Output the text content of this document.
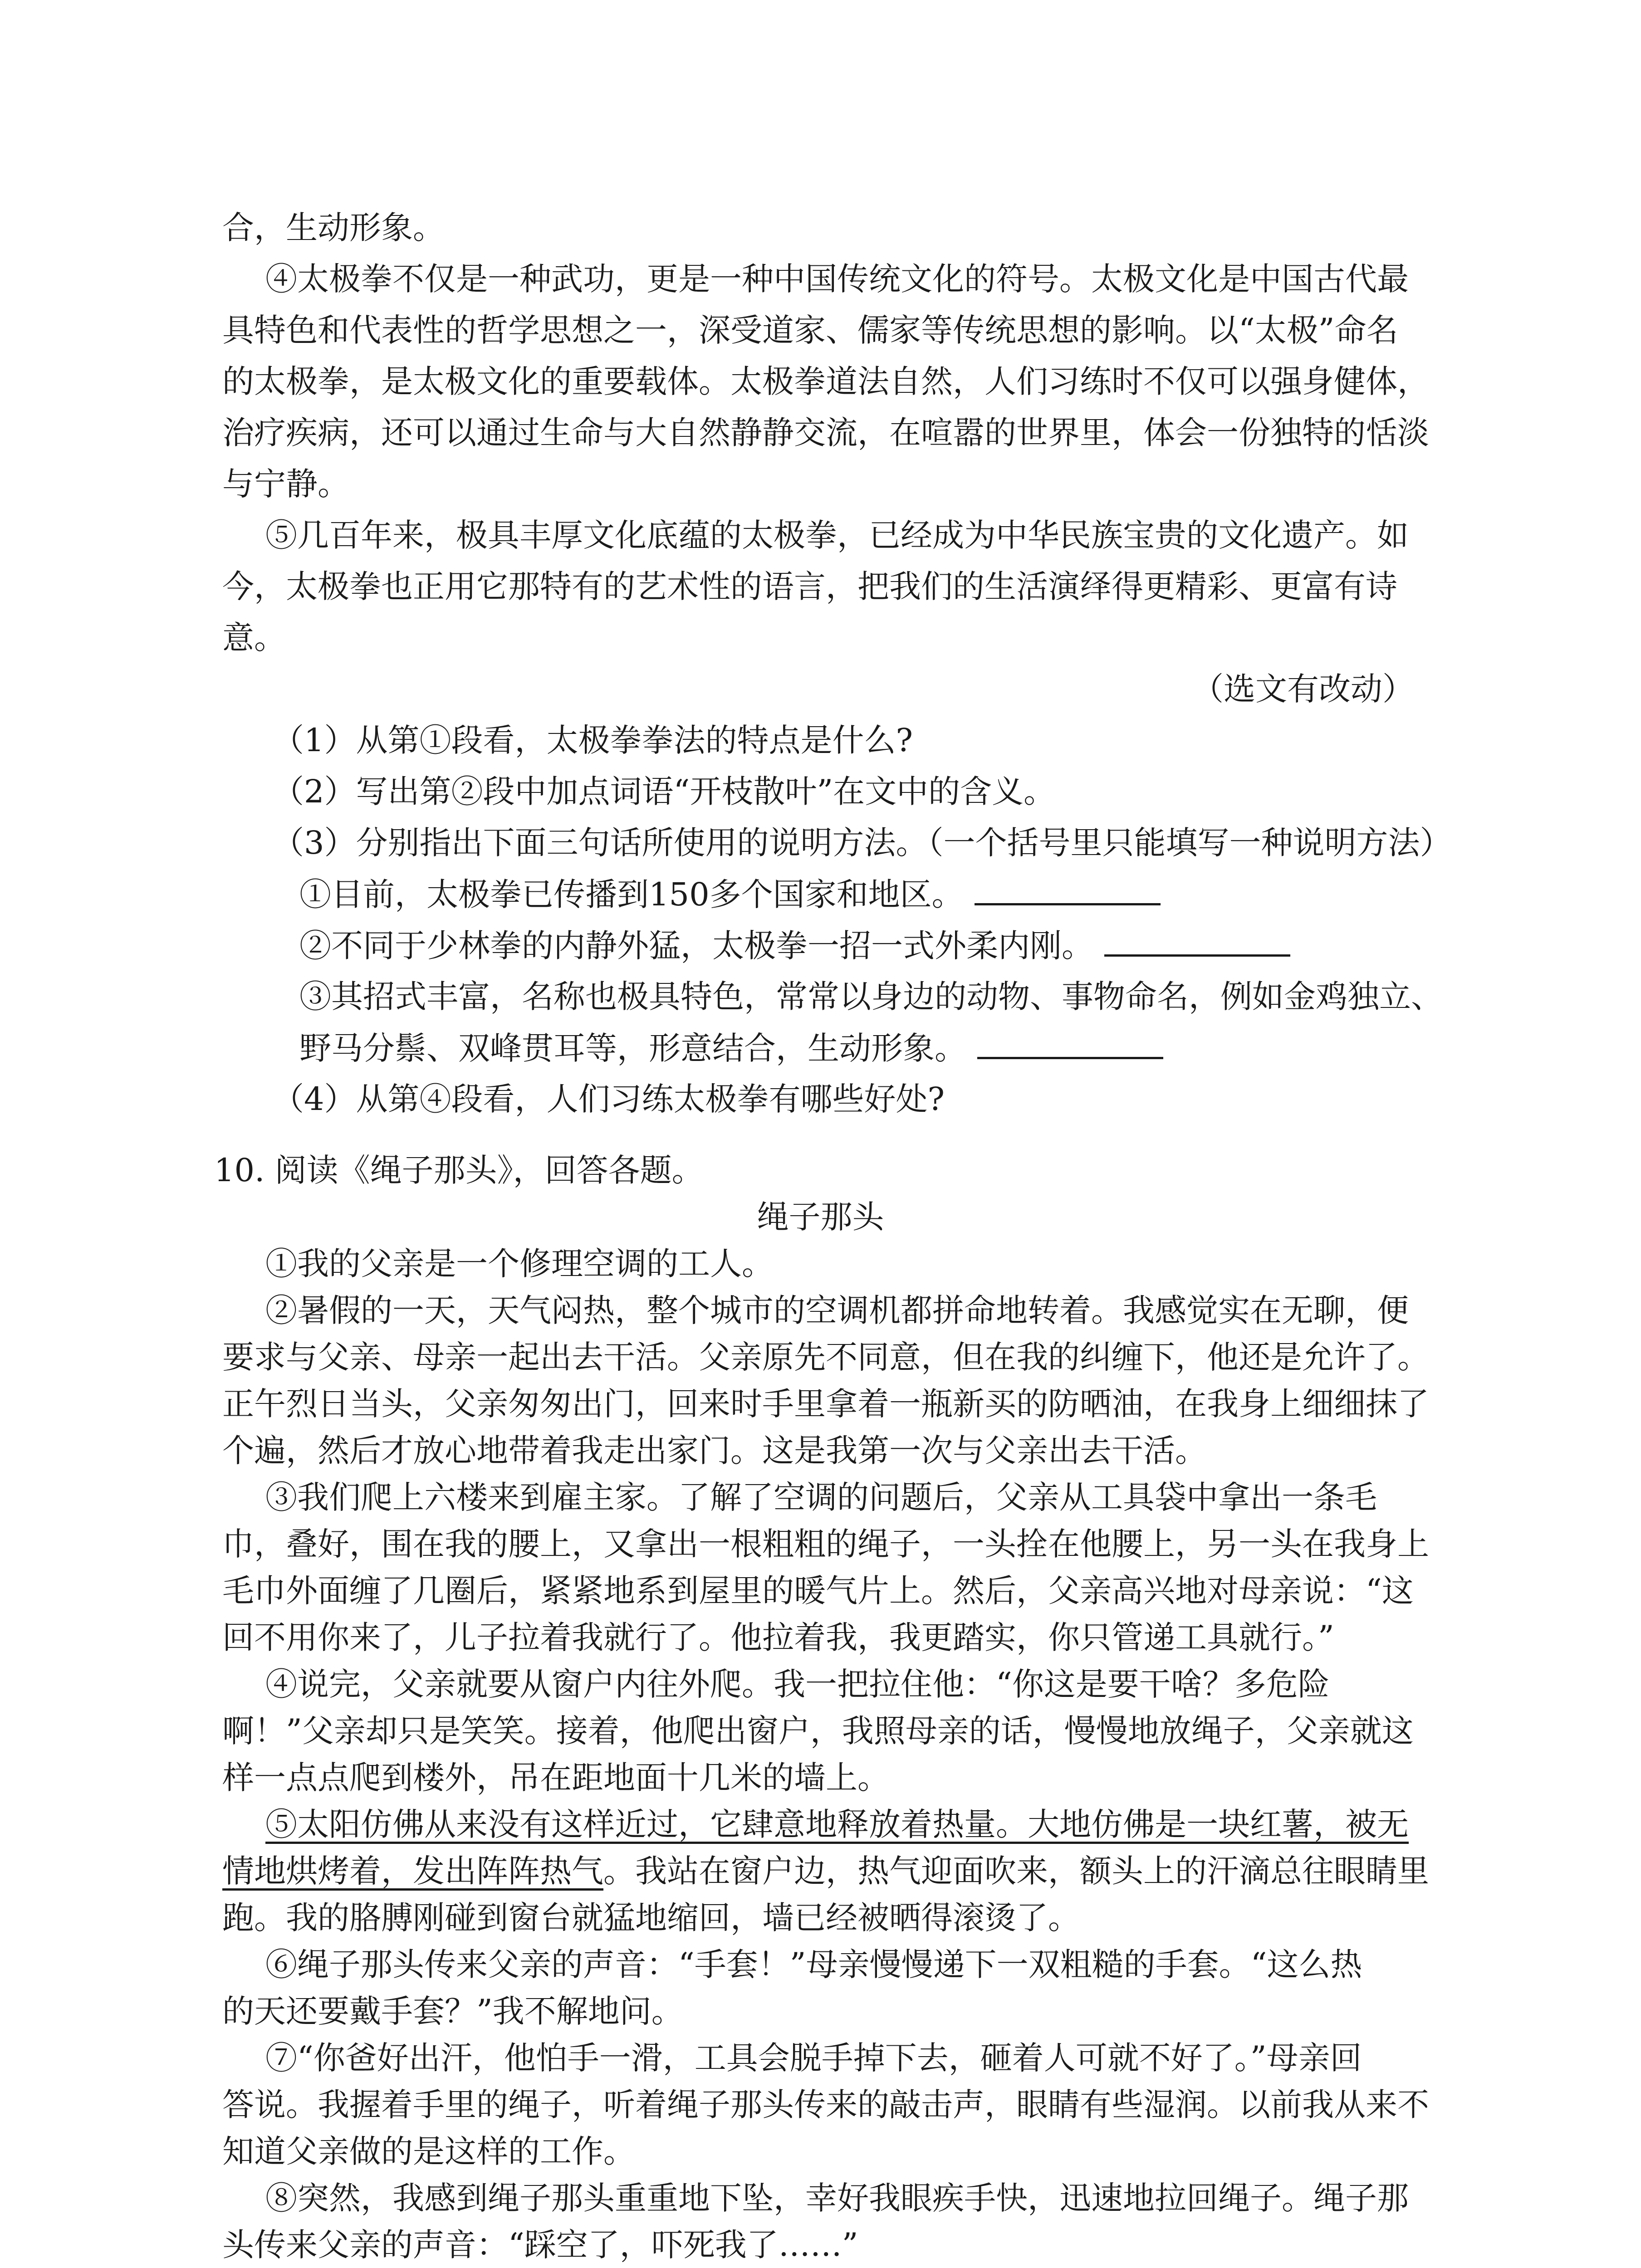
合，生动形象。
④太极拳不仅是一种武功，更是一种中国传统文化的符号。太极文化是中国古代最
具特色和代表性的哲学思想之一，深受道家、儒家等传统思想的影响。以“太极”命名
的太极拳，是太极文化的重要载体。太极拳道法自然，人们习练时不仅可以强身健体，
治疗疾病，还可以通过生命与大自然静静交流，在喧嚣的世界里，体会一份独特的恬淡
与宁静。
⑤几百年来，极具丰厚文化底蕴的太极拳，已经成为中华民族宝贵的文化遗产。如
今，太极拳也正用它那特有的艺术性的语言，把我们的生活演绎得更精彩、更富有诗
意。
（选文有改动）
（1）从第①段看，太极拳拳法的特点是什么?
（2）写出第②段中加点词语“开枝散叶”在文中的含义。
（3）分别指出下面三句话所使用的说明方法。（一个括号里只能填写一种说明方法）
①目前，太极拳已传播到150多个国家和地区。
②不同于少林拳的内静外猛，太极拳一招一式外柔内刚。
③其招式丰富，名称也极具特色，常常以身边的动物、事物命名，例如金鸡独立、
野马分鬃、双峰贯耳等，形意结合，生动形象。
（4）从第④段看，人们习练太极拳有哪些好处?
10. 阅读《绳子那头》，回答各题。
绳子那头
①我的父亲是一个修理空调的工人。
②暑假的一天，天气闷热，整个城市的空调机都拼命地转着。我感觉实在无聊，便
要求与父亲、母亲一起出去干活。父亲原先不同意，但在我的纠缠下，他还是允许了。
正午烈日当头，父亲匆匆出门，回来时手里拿着一瓶新买的防晒油，在我身上细细抹了
个遍，然后才放心地带着我走出家门。这是我第一次与父亲出去干活。
③我们爬上六楼来到雇主家。了解了空调的问题后，父亲从工具袋中拿出一条毛
巾，叠好，围在我的腰上，又拿出一根粗粗的绳子，一头拴在他腰上，另一头在我身上
毛巾外面缠了几圈后，紧紧地系到屋里的暖气片上。然后，父亲高兴地对母亲说：“这
回不用你来了，儿子拉着我就行了。他拉着我，我更踏实，你只管递工具就行。”
④说完，父亲就要从窗户内往外爬。我一把拉住他：“你这是要干啥？多危险
啊！”父亲却只是笑笑。接着，他爬出窗户，我照母亲的话，慢慢地放绳子，父亲就这
样一点点爬到楼外，吊在距地面十几米的墙上。
⑤太阳仿佛从来没有这样近过，它肆意地释放着热量。大地仿佛是一块红薯，被无
情地烘烤着，发出阵阵热气。我站在窗户边，热气迎面吹来，额头上的汗滴总往眼睛里
跑。我的胳膊刚碰到窗台就猛地缩回，墙已经被晒得滚烫了。
⑥绳子那头传来父亲的声音：“手套！”母亲慢慢递下一双粗糙的手套。“这么热
的天还要戴手套？”我不解地问。
⑦“你爸好出汗，他怕手一滑，工具会脱手掉下去，砸着人可就不好了。”母亲回
答说。我握着手里的绳子，听着绳子那头传来的敲击声，眼睛有些湿润。以前我从来不
知道父亲做的是这样的工作。
⑧突然，我感到绳子那头重重地下坠，幸好我眼疾手快，迅速地拉回绳子。绳子那
头传来父亲的声音：“踩空了，吓死我了……”
